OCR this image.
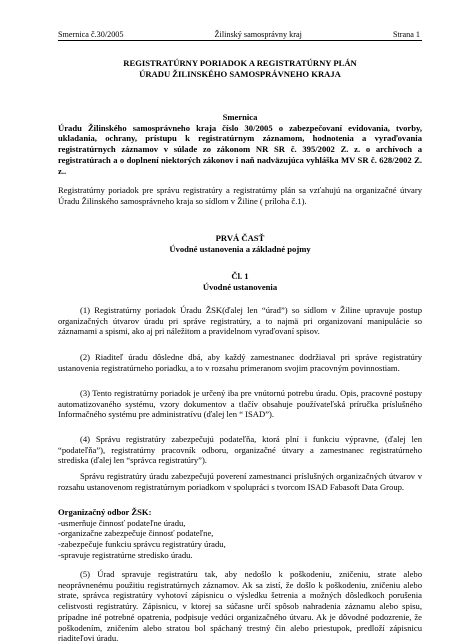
Smernica č.30/2005	Žilinský samosprávny kraj	Strana 1
REGISTRATÚRNY PORIADOK A REGISTRATÚRNY PLÁN
ÚRADU ŽILINSKÉHO SAMOSPRÁVNEHO KRAJA
Smernica
Úradu Žilinského samosprávneho kraja číslo 30/2005 o zabezpečovaní evidovania, tvorby, ukladania, ochrany, prístupu k registratúrnym záznamom, hodnotenia a vyraďovania registratúrnych záznamov v súlade zo zákonom NR SR č. 395/2002 Z. z. o archívoch a registratúrach a o doplnení niektorých zákonov i naň nadväzujúca vyhláška MV SR č. 628/2002 Z. z..
Registratúrny poriadok pre správu registratúry a registratúrny plán sa vzťahujú na organizačné útvary Úradu Žilinského samosprávneho kraja so sídlom v Žiline ( príloha č.1).
PRVÁ ČASŤ
Úvodné ustanovenia a základné pojmy
Čl. 1
Úvodné ustanovenia
(1) Registratúrny poriadok Úradu ŽSK(ďalej len “úrad”) so sídlom v Žiline upravuje postup organizačných útvarov úradu pri správe registratúry, a to najmä pri organizovaní manipulácie so záznamami a spismi, ako aj pri náležitom a pravidelnom vyraďovaní spisov.
(2) Riaditeľ úradu dôsledne dbá, aby každý zamestnanec dodržiaval pri správe registratúry ustanovenia registratúrneho poriadku, a to v rozsahu primeranom svojim pracovným povinnostiam.
(3) Tento registratúrny poriadok je určený iba pre vnútornú potrebu úradu. Opis, pracovné postupy automatizovaného systému, vzory dokumentov a tlačív obsahuje používateľská príručka príslušného Informačného systému pre administratívu (ďalej len “ ISAD”).
(4) Správu registratúry zabezpečujú podateľňa, ktorá plní i funkciu výpravne, (ďalej len “podateľňa”), registratúrny pracovník odboru, organizačné útvary a zamestnanec registratúrneho strediska (ďalej len “správca registratúry”).
Správu registratúry úradu zabezpečujú poverení zamestnanci príslušných organizačných útvarov v rozsahu ustanovenom registratúrnym poriadkom v spolupráci s tvorcom ISAD Fabasoft Data Group.
Organizačný odbor ŽSK:
-usmerňuje činnosť podateľne úradu,
-organizačne zabezpečuje činnosť podateľne,
-zabezpečuje funkciu správcu registratúry úradu,
-spravuje registratúrne stredisko úradu.
(5) Úrad spravuje registratúru tak, aby nedošlo k poškodeniu, zničeniu, strate alebo neoprávnenému použitiu registratúrnych záznamov. Ak sa zistí, že došlo k poškodeniu, zničeniu alebo strate, správca registratúry vyhotoví zápisnicu o výsledku šetrenia a možných dôsledkoch porušenia celistvosti registratúry. Zápisnicu, v ktorej sa súčasne určí spôsob nahradenia záznamu alebo spisu, prípadne iné potrebné opatrenia, podpisuje vedúci organizačného útvaru. Ak je dôvodné podozrenie, že poškodením, zničením alebo stratou bol spáchaný trestný čin alebo priestupok, predloží zápisnicu riaditeľovi úradu.
